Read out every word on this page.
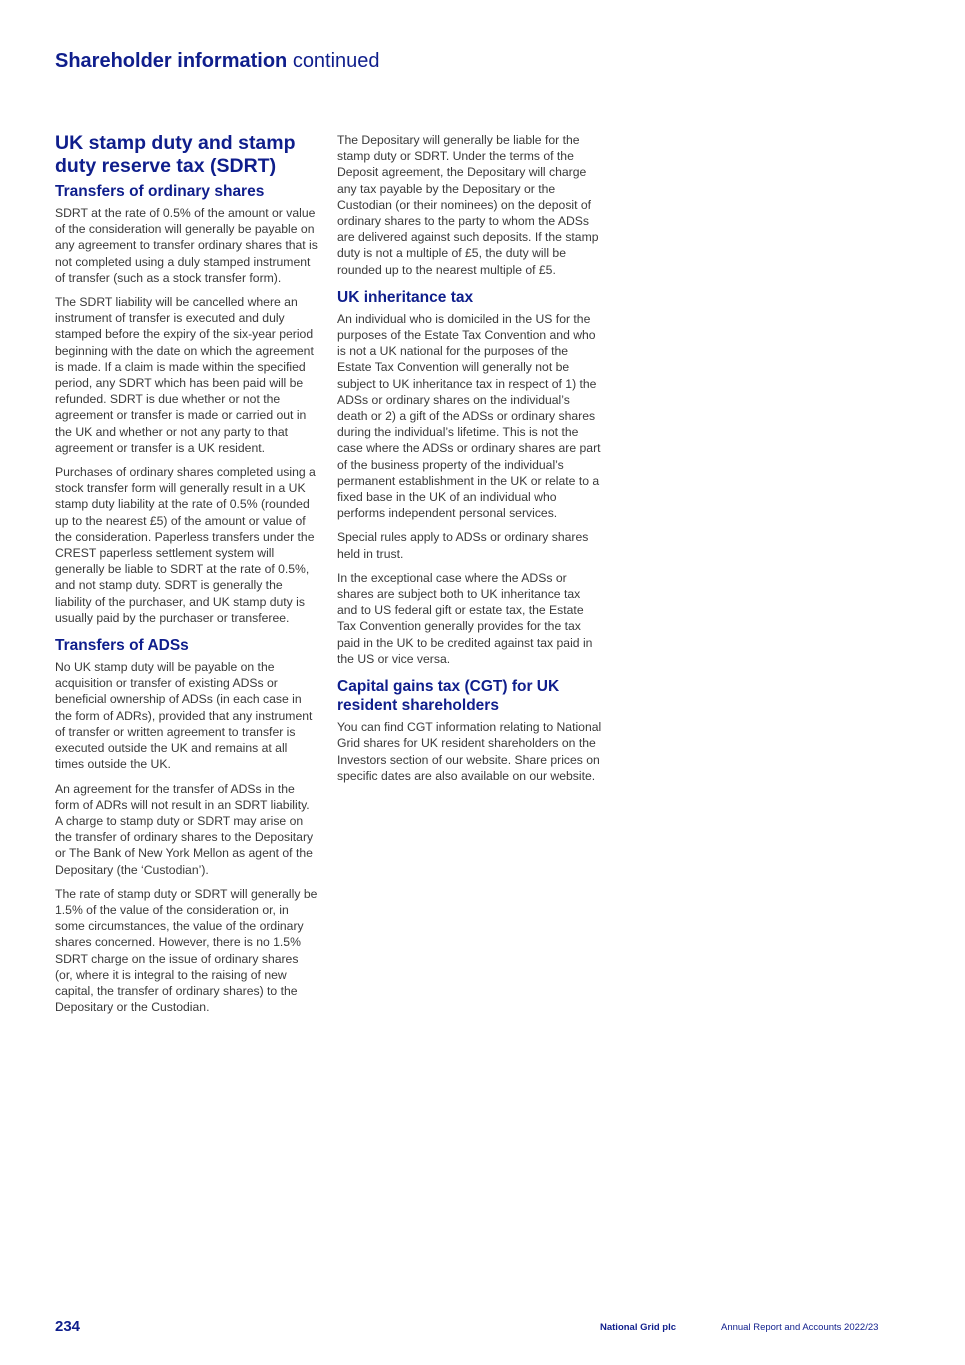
Shareholder information continued
UK stamp duty and stamp duty reserve tax (SDRT)
Transfers of ordinary shares

SDRT at the rate of 0.5% of the amount or value of the consideration will generally be payable on any agreement to transfer ordinary shares that is not completed using a duly stamped instrument of transfer (such as a stock transfer form).

The SDRT liability will be cancelled where an instrument of transfer is executed and duly stamped before the expiry of the six-year period beginning with the date on which the agreement is made. If a claim is made within the specified period, any SDRT which has been paid will be refunded. SDRT is due whether or not the agreement or transfer is made or carried out in the UK and whether or not any party to that agreement or transfer is a UK resident.

Purchases of ordinary shares completed using a stock transfer form will generally result in a UK stamp duty liability at the rate of 0.5% (rounded up to the nearest £5) of the amount or value of the consideration. Paperless transfers under the CREST paperless settlement system will generally be liable to SDRT at the rate of 0.5%, and not stamp duty. SDRT is generally the liability of the purchaser, and UK stamp duty is usually paid by the purchaser or transferee.

Transfers of ADSs

No UK stamp duty will be payable on the acquisition or transfer of existing ADSs or beneficial ownership of ADSs (in each case in the form of ADRs), provided that any instrument of transfer or written agreement to transfer is executed outside the UK and remains at all times outside the UK.

An agreement for the transfer of ADSs in the form of ADRs will not result in an SDRT liability. A charge to stamp duty or SDRT may arise on the transfer of ordinary shares to the Depositary or The Bank of New York Mellon as agent of the Depositary (the ‘Custodian’).

The rate of stamp duty or SDRT will generally be 1.5% of the value of the consideration or, in some circumstances, the value of the ordinary shares concerned. However, there is no 1.5% SDRT charge on the issue of ordinary shares (or, where it is integral to the raising of new capital, the transfer of ordinary shares) to the Depositary or the Custodian.

The Depositary will generally be liable for the stamp duty or SDRT. Under the terms of the Deposit agreement, the Depositary will charge any tax payable by the Depositary or the Custodian (or their nominees) on the deposit of ordinary shares to the party to whom the ADSs are delivered against such deposits. If the stamp duty is not a multiple of £5, the duty will be rounded up to the nearest multiple of £5.

UK inheritance tax

An individual who is domiciled in the US for the purposes of the Estate Tax Convention and who is not a UK national for the purposes of the Estate Tax Convention will generally not be subject to UK inheritance tax in respect of 1) the ADSs or ordinary shares on the individual’s death or 2) a gift of the ADSs or ordinary shares during the individual’s lifetime. This is not the case where the ADSs or ordinary shares are part of the business property of the individual’s permanent establishment in the UK or relate to a fixed base in the UK of an individual who performs independent personal services.

Special rules apply to ADSs or ordinary shares held in trust.

In the exceptional case where the ADSs or shares are subject both to UK inheritance tax and to US federal gift or estate tax, the Estate Tax Convention generally provides for the tax paid in the UK to be credited against tax paid in the US or vice versa.

Capital gains tax (CGT) for UK resident shareholders

You can find CGT information relating to National Grid shares for UK resident shareholders on the Investors section of our website. Share prices on specific dates are also available on our website.

234	National Grid plc	Annual Report and Accounts 2022/23
